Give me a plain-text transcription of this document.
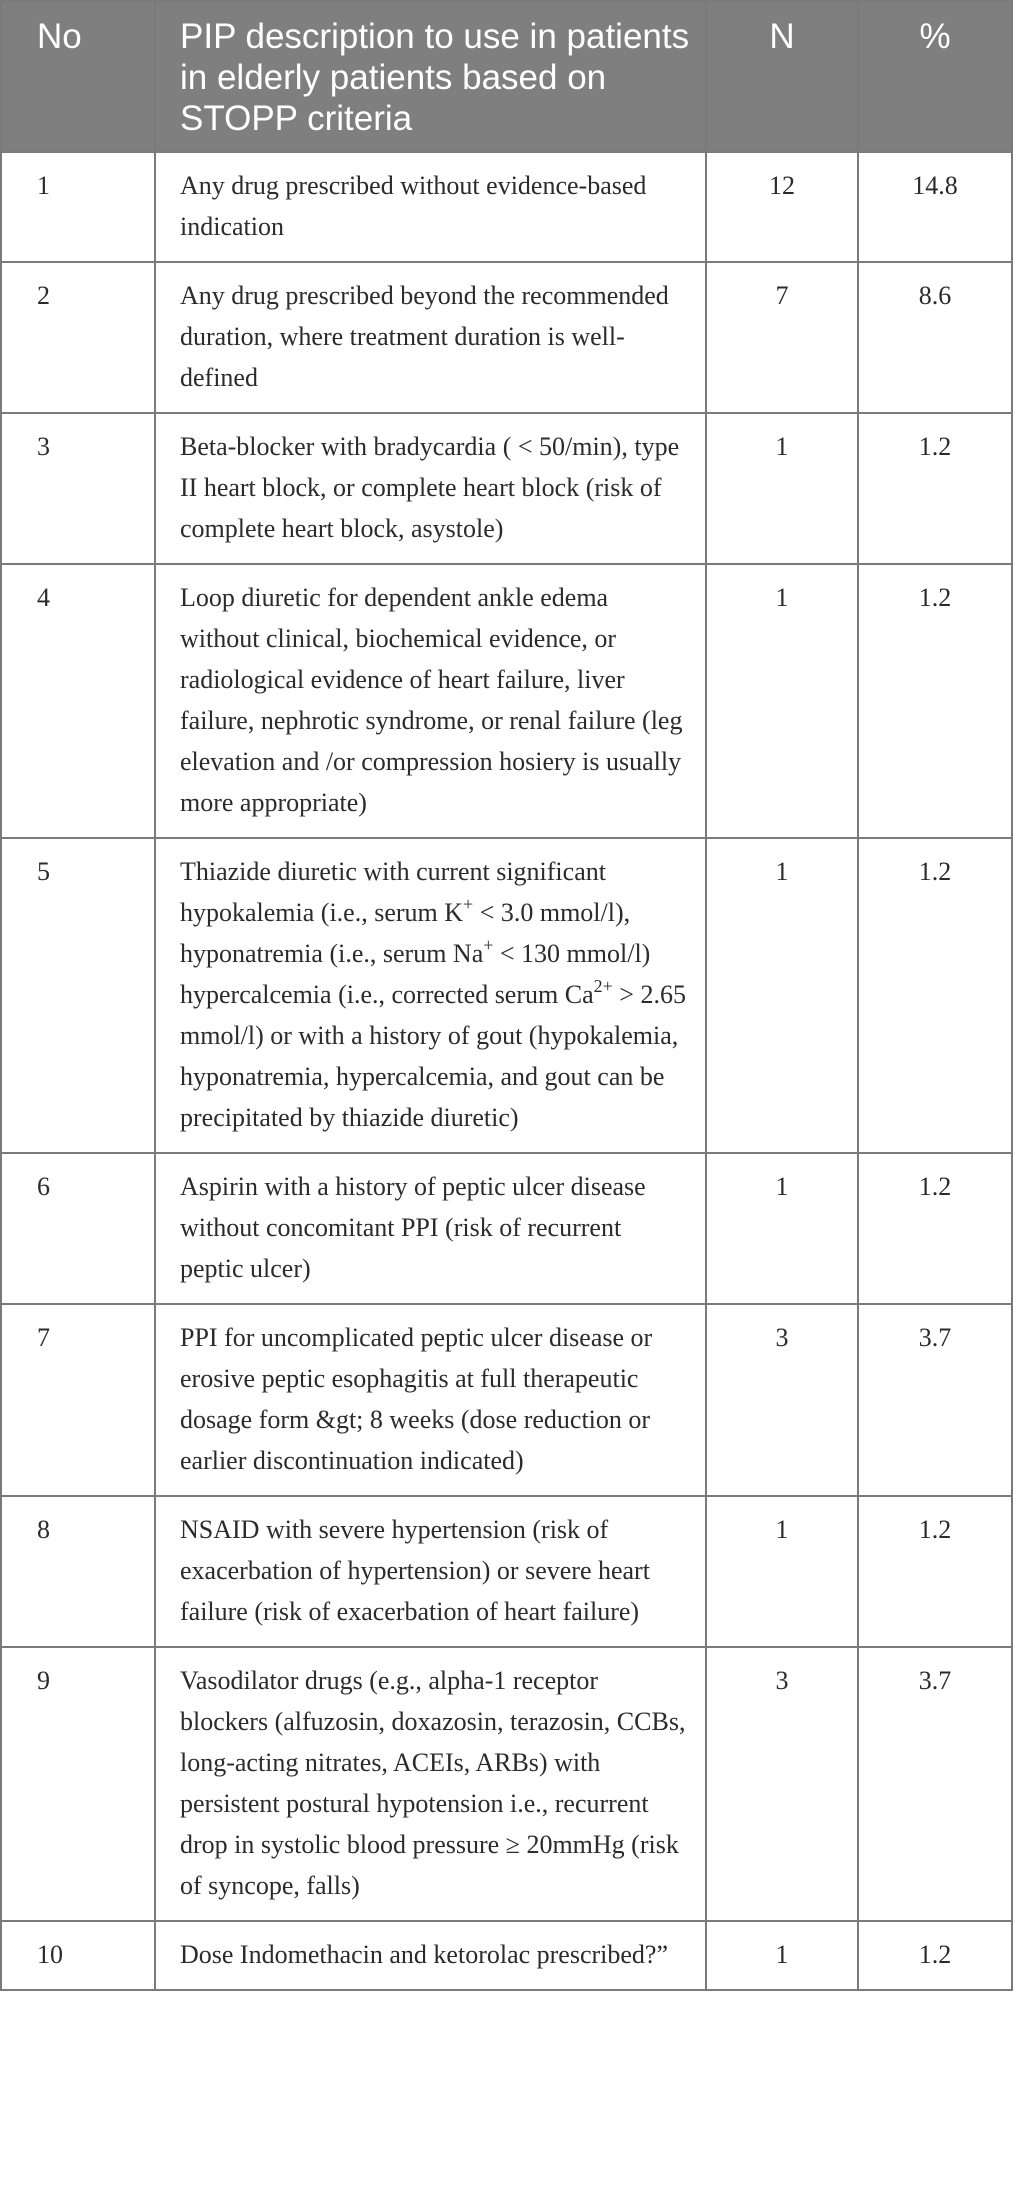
No	PIP description to use in patients in elderly patients based on STOPP criteria	N	%
1	Any drug prescribed without evidence-based indication	12	14.8
2	Any drug prescribed beyond the recommended duration, where treatment duration is well-defined	7	8.6
3	Beta-blocker with bradycardia ( < 50/min), type II heart block, or complete heart block (risk of complete heart block, asystole)	1	1.2
4	Loop diuretic for dependent ankle edema without clinical, biochemical evidence, or radiological evidence of heart failure, liver failure, nephrotic syndrome, or renal failure (leg elevation and /or compression hosiery is usually more appropriate)	1	1.2
5	Thiazide diuretic with current significant hypokalemia (i.e., serum K+ < 3.0 mmol/l), hyponatremia (i.e., serum Na+ < 130 mmol/l) hypercalcemia (i.e., corrected serum $Ca^{2+} > 2.65$ mmol/l) or with a history of gout (hypokalemia, hyponatremia, hypercalcemia, and gout can be precipitated by thiazide diuretic)	1	1.2
6	Aspirin with a history of peptic ulcer disease without concomitant PPI (risk of recurrent peptic ulcer)	1	1.2
7	PPI for uncomplicated peptic ulcer disease or erosive peptic esophagitis at full therapeutic dosage form &gt; 8 weeks (dose reduction or earlier discontinuation indicated)	3	3.7
8	NSAID with severe hypertension (risk of exacerbation of hypertension) or severe heart failure (risk of exacerbation of heart failure)	1	1.2
9	Vasodilator drugs (e.g., alpha-1 receptor blockers (alfuzosin, doxazosin, terazosin, CCBs, long-acting nitrates, ACEIs, ARBs) with persistent postural hypotension i.e., recurrent drop in systolic blood pressure ≥ 20mmHg (risk of syncope, falls)	3	3.7
10	Dose Indomethacin and ketorolac prescribed?”	1	1.2
